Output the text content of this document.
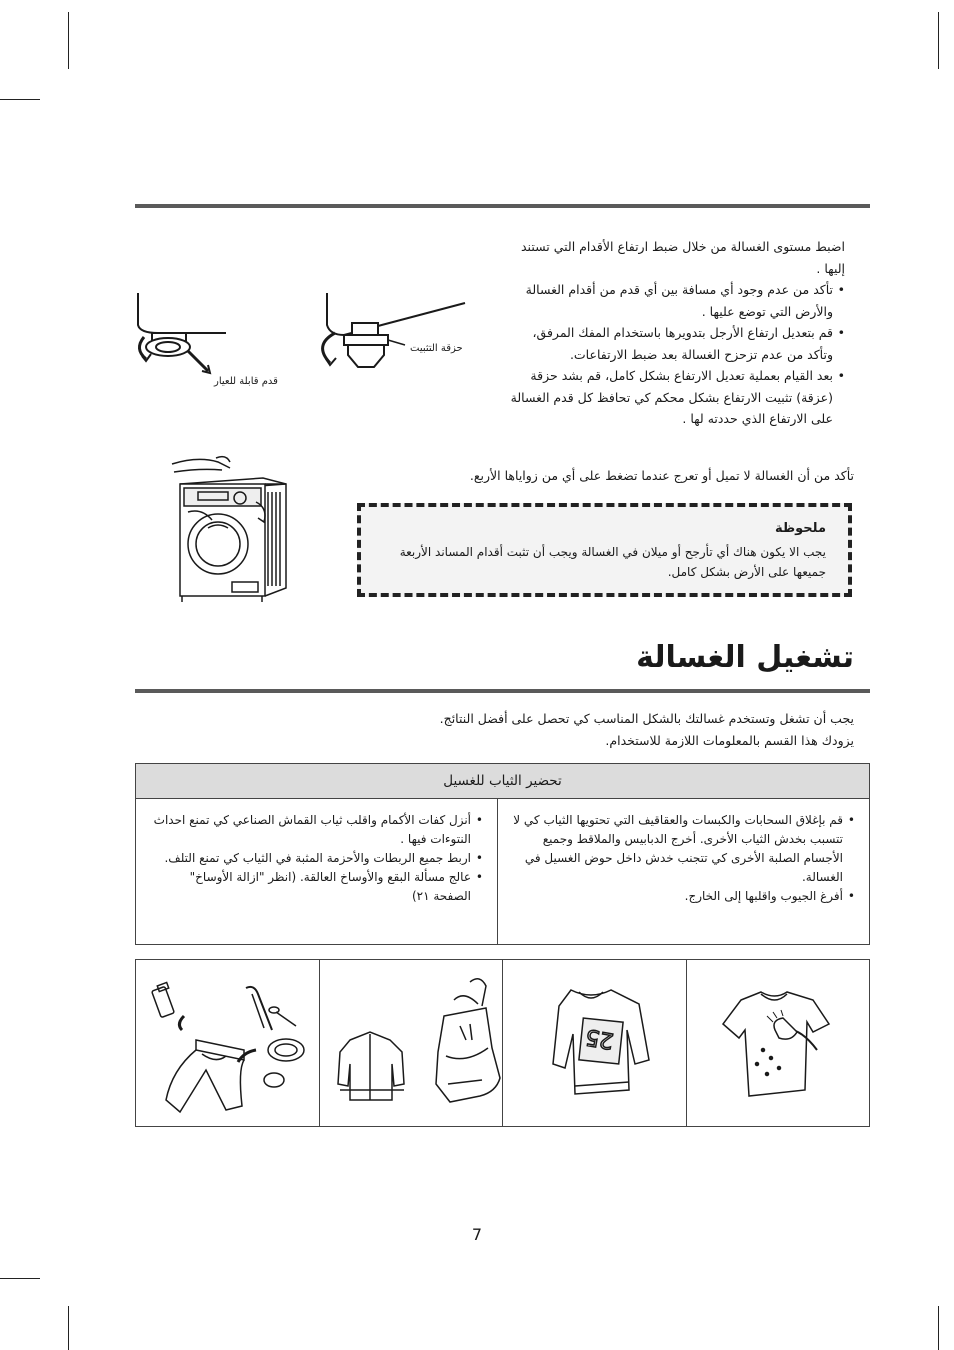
اضبط مستوى الغسالة من خلال ضبط ارتفاع الأقدام التي تستند إليها .
• تأكد من عدم وجود أي مسافة بين أي قدم من أقدام الغسالة والأرض التي توضع عليها .
• قم بتعديل ارتفاع الأرجل بتدويرها باستخدام المفك المرفق، وتأكد من عدم تزحزح الغسالة بعد ضبط الارتفاعات.
• بعد القيام بعملية تعديل الارتفاع بشكل كامل، قم بشد حزقة (عزقة) تثبيت الارتفاع بشكل محكم كي تحافظ كل قدم الغسالة على الارتفاع الذي حددته لها .
حزقة التثبيت
قدم قابلة للعيار
تأكد من أن الغسالة لا تميل أو تعرج عندما تضغط على أي من زواياها الأربع.
ملحوظة
يجب الا يكون هناك أي تأرجح أو ميلان في الغسالة ويجب أن تثبت أقدام المساند الأربعة جميعها على الأرض بشكل كامل.
تشغيل الغسالة
يجب أن تشغل وتستخدم غسالتك بالشكل المناسب كي تحصل على أفضل النتائج. يزودك هذا القسم بالمعلومات اللازمة للاستخدام.
تحضير الثياب للغسيل
• قم بإغلاق السحابات والكبسات والعقاقيف التي تحتويها الثياب كي لا تتسبب بخدش الثياب الأخرى. أخرج الدبابيس والملاقط وجميع الأجسام الصلبة الأخرى كي تتجنب خدش داخل حوض الغسيل في الغسالة.
• أفرغ الجيوب واقلبها إلى الخارج.
• أنزل كفات الأكمام واقلب ثياب القماش الصناعي كي تمنع احداث النتوءات فيها .
• اربط جميع الربطات والأحزمة المثبة في الثياب كي تمنع التلف.
• عالج مسألة البقع والأوساخ العالقة. (انظر "ازالة الأوساخ" الصفحة ٢١)
25
7
